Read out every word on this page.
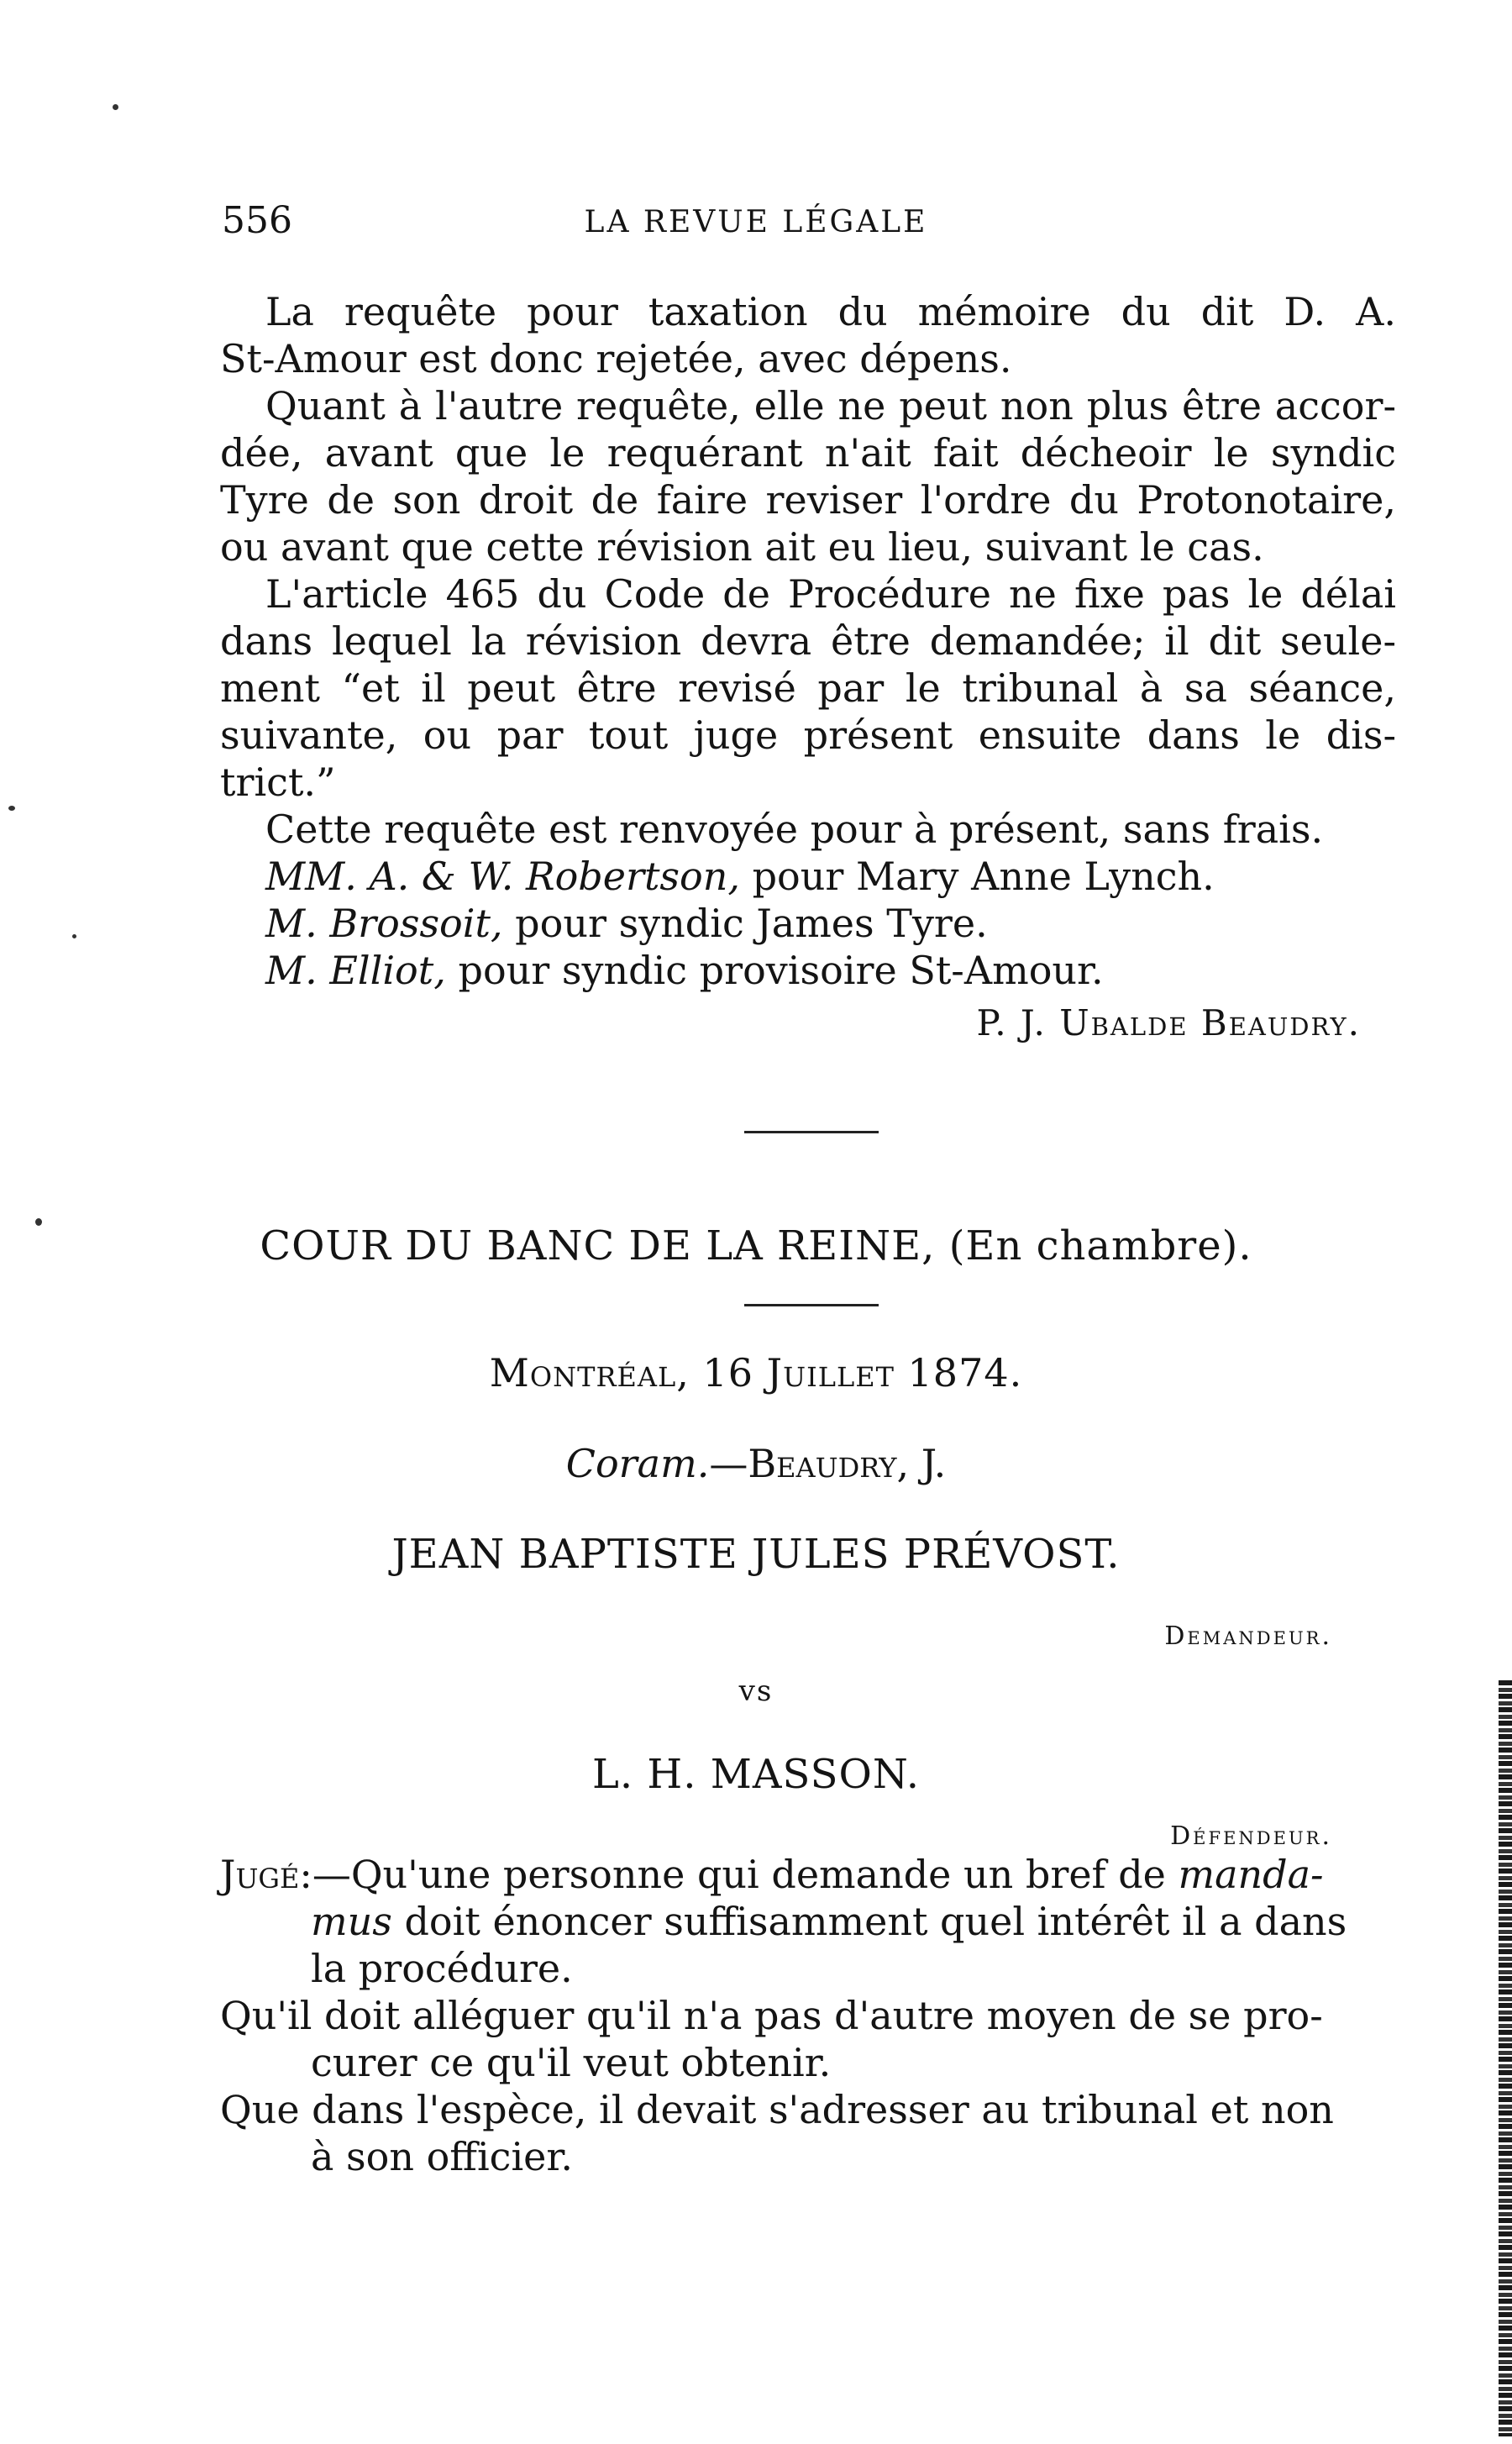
556	LA REVUE LÉGALE

La requête pour taxation du mémoire du dit D. A.

St-Amour est donc rejetée, avec dépens.

Quant à l'autre requête, elle ne peut non plus être accor-

dée, avant que le requérant n'ait fait décheoir le syndic

Tyre de son droit de faire reviser l'ordre du Protonotaire,

ou avant que cette révision ait eu lieu, suivant le cas.

L'article 465 du Code de Procédure ne fixe pas le délai

dans lequel la révision devra être demandée; il dit seule-

ment “et il peut être revisé par le tribunal à sa séance,

suivante, ou par tout juge présent ensuite dans le dis-

trict.”

Cette requête est renvoyée pour à présent, sans frais.

MM. A. & W. Robertson, pour Mary Anne Lynch.

M. Brossoit, pour syndic James Tyre.

M. Elliot, pour syndic provisoire St-Amour.

P. J. Ubalde Beaudry.
COUR DU BANC DE LA REINE, (En chambre).
Montréal, 16 Juillet 1874.
Coram.—Beaudry, J.
JEAN BAPTISTE JULES PRÉVOST.
Demandeur.
vs
L. H. MASSON.
Défendeur.

Jugé:—Qu'une personne qui demande un bref de manda-

mus doit énoncer suffisamment quel intérêt il a dans

la procédure.

Qu'il doit alléguer qu'il n'a pas d'autre moyen de se pro-

curer ce qu'il veut obtenir.

Que dans l'espèce, il devait s'adresser au tribunal et non

à son officier.
